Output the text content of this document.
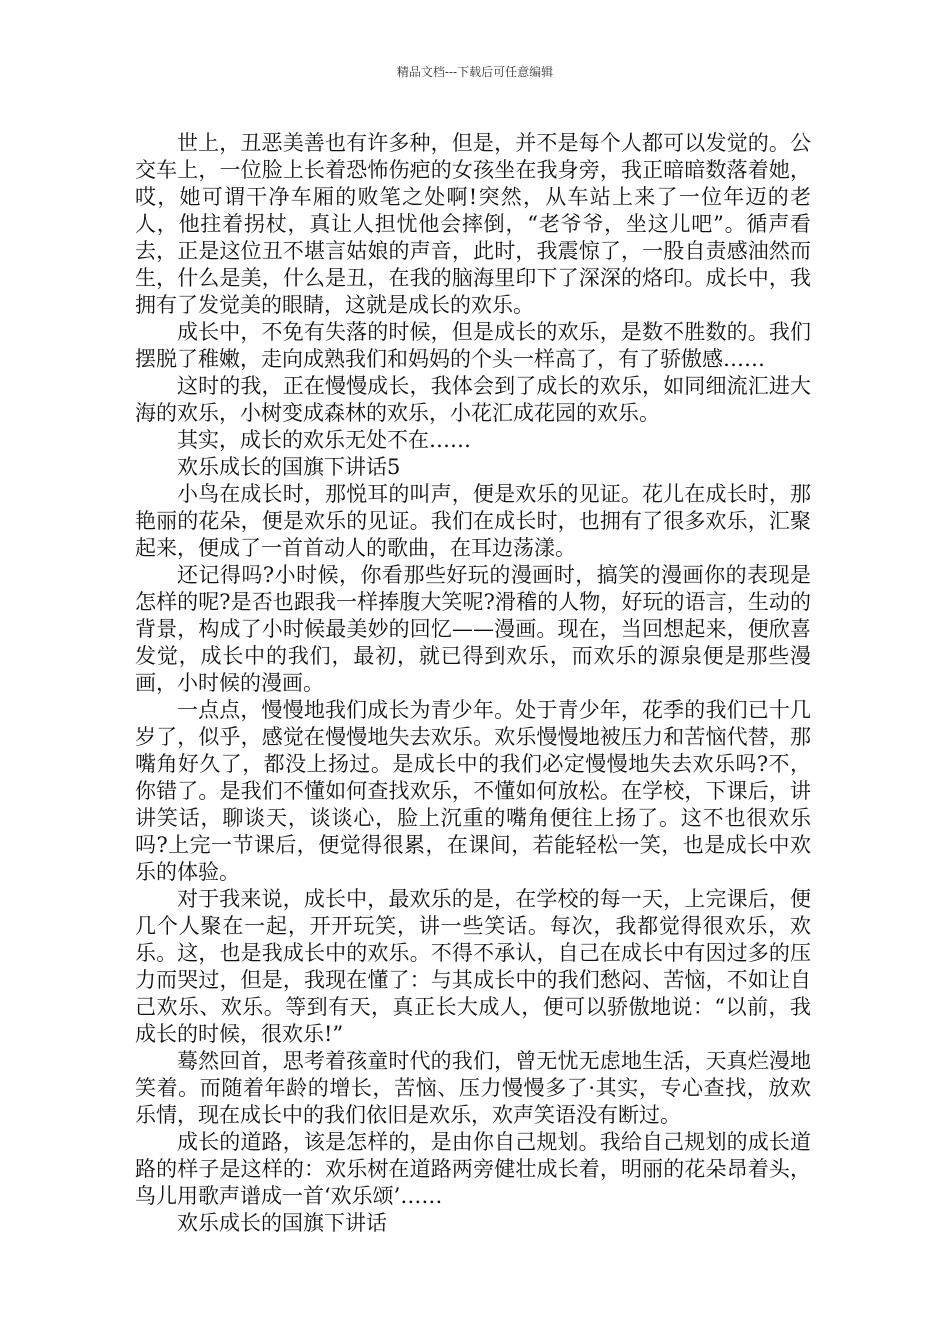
精品文档---下载后可任意编辑

世上，丑恶美善也有许多种，但是，并不是每个人都可以发觉的。公交车上，一位脸上长着恐怖伤疤的女孩坐在我身旁，我正暗暗数落着她，哎，她可谓干净车厢的败笔之处啊!突然，从车站上来了一位年迈的老人，他拄着拐杖，真让人担忧他会摔倒，“老爷爷，坐这儿吧”。循声看去，正是这位丑不堪言姑娘的声音，此时，我震惊了，一股自责感油然而生，什么是美，什么是丑，在我的脑海里印下了深深的烙印。成长中，我拥有了发觉美的眼睛，这就是成长的欢乐。

成长中，不免有失落的时候，但是成长的欢乐，是数不胜数的。我们摆脱了稚嫩，走向成熟我们和妈妈的个头一样高了，有了骄傲感……

这时的我，正在慢慢成长，我体会到了成长的欢乐，如同细流汇进大海的欢乐，小树变成森林的欢乐，小花汇成花园的欢乐。

其实，成长的欢乐无处不在……

欢乐成长的国旗下讲话5

小鸟在成长时，那悦耳的叫声，便是欢乐的见证。花儿在成长时，那艳丽的花朵，便是欢乐的见证。我们在成长时，也拥有了很多欢乐，汇聚起来，便成了一首首动人的歌曲，在耳边荡漾。

还记得吗?小时候，你看那些好玩的漫画时，搞笑的漫画你的表现是怎样的呢?是否也跟我一样捧腹大笑呢?滑稽的人物，好玩的语言，生动的背景，构成了小时候最美妙的回忆——漫画。现在，当回想起来，便欣喜发觉，成长中的我们，最初，就已得到欢乐，而欢乐的源泉便是那些漫画，小时候的漫画。

一点点，慢慢地我们成长为青少年。处于青少年，花季的我们已十几岁了，似乎，感觉在慢慢地失去欢乐。欢乐慢慢地被压力和苦恼代替，那嘴角好久了，都没上扬过。是成长中的我们必定慢慢地失去欢乐吗?不，你错了。是我们不懂如何查找欢乐，不懂如何放松。在学校，下课后，讲讲笑话，聊谈天，谈谈心，脸上沉重的嘴角便往上扬了。这不也很欢乐吗?上完一节课后，便觉得很累，在课间，若能轻松一笑，也是成长中欢乐的体验。

对于我来说，成长中，最欢乐的是，在学校的每一天，上完课后，便几个人聚在一起，开开玩笑，讲一些笑话。每次，我都觉得很欢乐，欢乐。这，也是我成长中的欢乐。不得不承认，自己在成长中有因过多的压力而哭过，但是，我现在懂了：与其成长中的我们愁闷、苦恼，不如让自己欢乐、欢乐。等到有天，真正长大成人，便可以骄傲地说：“以前，我成长的时候，很欢乐!”

蓦然回首，思考着孩童时代的我们，曾无忧无虑地生活，天真烂漫地笑着。而随着年龄的增长，苦恼、压力慢慢多了·其实，专心查找，放欢乐情，现在成长中的我们依旧是欢乐，欢声笑语没有断过。

成长的道路，该是怎样的，是由你自己规划。我给自己规划的成长道路的样子是这样的：欢乐树在道路两旁健壮成长着，明丽的花朵昂着头，鸟儿用歌声谱成一首‘欢乐颂’……

欢乐成长的国旗下讲话
